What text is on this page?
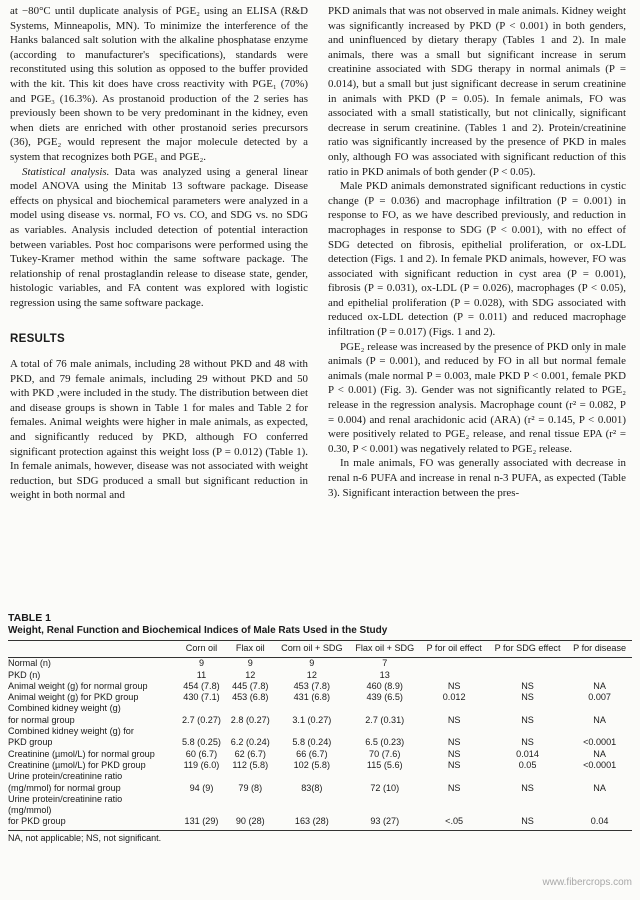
at −80°C until duplicate analysis of PGE₂ using an ELISA (R&D Systems, Minneapolis, MN). To minimize the interference of the Hanks balanced salt solution with the alkaline phosphatase enzyme (according to manufacturer's specifications), standards were reconstituted using this solution as opposed to the buffer provided with the kit. This kit does have cross reactivity with PGE₁ (70%) and PGE₃ (16.3%). As prostanoid production of the 2 series has previously been shown to be very predominant in the kidney, even when diets are enriched with other prostanoid series precursors (36), PGE₂ would represent the major molecule detected by a system that recognizes both PGE₁ and PGE₂.

Statistical analysis. Data was analyzed using a general linear model ANOVA using the Minitab 13 software package. Disease effects on physical and biochemical parameters were analyzed in a model using disease vs. normal, FO vs. CO, and SDG vs. no SDG as variables. Analysis included detection of potential interaction between variables. Post hoc comparisons were performed using the Tukey-Kramer method within the same software package. The relationship of renal prostaglandin release to disease state, gender, histologic variables, and FA content was explored with logistic regression using the same software package.

RESULTS

A total of 76 male animals, including 28 without PKD and 48 with PKD, and 79 female animals, including 29 without PKD and 50 with PKD ,were included in the study. The distribution between diet and disease groups is shown in Table 1 for males and Table 2 for females. Animal weights were higher in male animals, as expected, and significantly reduced by PKD, although FO conferred significant protection against this weight loss (P = 0.012) (Table 1). In female animals, however, disease was not associated with weight reduction, but SDG produced a small but significant reduction in weight in both normal and

PKD animals that was not observed in male animals. Kidney weight was significantly increased by PKD (P < 0.001) in both genders, and uninfluenced by dietary therapy (Tables 1 and 2). In male animals, there was a small but significant increase in serum creatinine associated with SDG therapy in normal animals (P = 0.014), but a small but just significant decrease in serum creatinine in animals with PKD (P = 0.05). In female animals, FO was associated with a small statistically, but not clinically, significant decrease in serum creatinine. (Tables 1 and 2). Protein/creatinine ratio was significantly increased by the presence of PKD in males only, although FO was associated with significant reduction of this ratio in PKD animals of both gender (P < 0.05).

Male PKD animals demonstrated significant reductions in cystic change (P = 0.036) and macrophage infiltration (P = 0.001) in response to FO, as we have described previously, and reduction in macrophages in response to SDG (P < 0.001), with no effect of SDG detected on fibrosis, epithelial proliferation, or ox-LDL detection (Figs. 1 and 2). In female PKD animals, however, FO was associated with significant reduction in cyst area (P = 0.001), fibrosis (P = 0.031), ox-LDL (P = 0.026), macrophages (P < 0.05), and epithelial proliferation (P = 0.028), with SDG associated with reduced ox-LDL detection (P = 0.011) and reduced macrophage infiltration (P = 0.017) (Figs. 1 and 2).

PGE₂ release was increased by the presence of PKD only in male animals (P = 0.001), and reduced by FO in all but normal female animals (male normal P = 0.003, male PKD P < 0.001, female PKD P < 0.001) (Fig. 3). Gender was not significantly related to PGE₂ release in the regression analysis. Macrophage count (r² = 0.082, P = 0.004) and renal arachidonic acid (ARA) (r² = 0.145, P < 0.001) were positively related to PGE₂ release, and renal tissue EPA (r² = 0.30, P < 0.001) was negatively related to PGE₂ release.

In male animals, FO was generally associated with decrease in renal n-6 PUFA and increase in renal n-3 PUFA, as expected (Table 3). Significant interaction between the pres-

TABLE 1
Weight, Renal Function and Biochemical Indices of Male Rats Used in the Study
	Corn oil	Flax oil	Corn oil + SDG	Flax oil + SDG	P for oil effect	P for SDG effect	P for disease
Normal (n)	9	9	9	7			
PKD (n)	11	12	12	13			
Animal weight (g) for normal group	454 (7.8)	445 (7.8)	453 (7.8)	460 (8.9)	NS	NS	NA
Animal weight (g) for PKD group	430 (7.1)	453 (6.8)	431 (6.8)	439 (6.5)	0.012	NS	0.007
Combined kidney weight (g)							
for normal group	2.7 (0.27)	2.8 (0.27)	3.1 (0.27)	2.7 (0.31)	NS	NS	NA
Combined kidney weight (g) for							
PKD group	5.8 (0.25)	6.2 (0.24)	5.8 (0.24)	6.5 (0.23)	NS	NS	<0.0001
Creatinine (µmol/L) for normal group	60 (6.7)	62 (6.7)	66 (6.7)	70 (7.6)	NS	0.014	NA
Creatinine (µmol/L) for PKD group	119 (6.0)	112 (5.8)	102 (5.8)	115 (5.6)	NS	0.05	<0.0001
Urine protein/creatinine ratio							
(mg/mmol) for normal group	94 (9)	79 (8)	83(8)	72 (10)	NS	NS	NA
Urine protein/creatinine ratio							
(mg/mmol)							
for PKD group	131 (29)	90 (28)	163 (28)	93 (27)	<.05	NS	0.04
NA, not applicable; NS, not significant.
www.fibercrops.com
